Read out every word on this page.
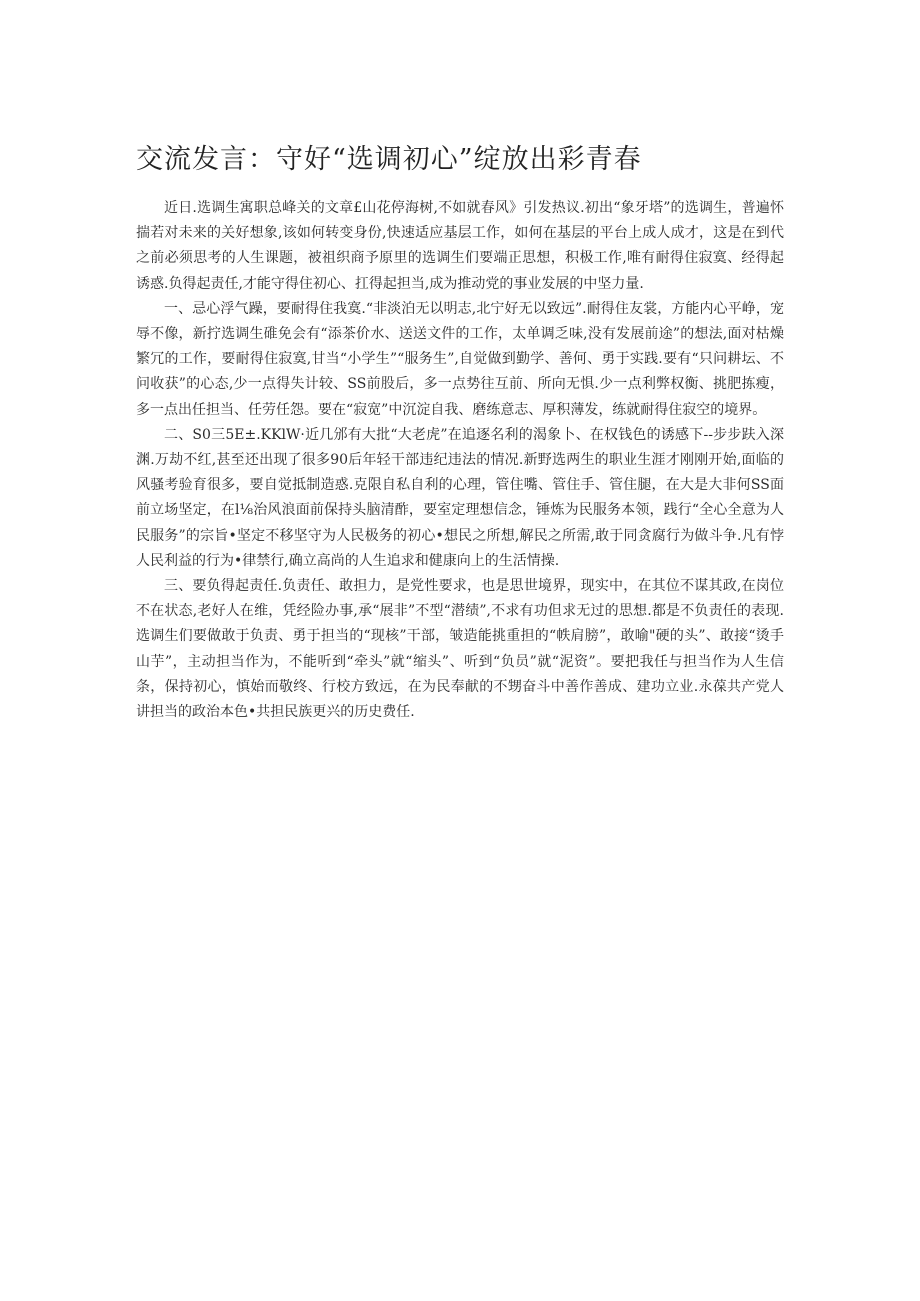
交流发言：守好“选调初心”绽放出彩青春

近日.选调生寓职总峰关的文章£山花停海树,不如就春风》引发热议.初出“象牙塔”的选调生，普遍怀揣若对未来的关好想象,该如何转变身份,快速适应基层工作，如何在基层的平台上成人成才，这是在到代之前必须思考的人生课题，被祖织商予原里的选调生们要端正思想，积极工作,唯有耐得住寂寞、经得起诱惑.负得起责任,才能守得住初心、扛得起担当,成为推动党的事业发展的中坚力量.

一、忌心浮气躁，要耐得住我寞.“非淡泊无以明志,北宁好无以致远”.耐得住友裳，方能内心平峥，宠辱不像，新拧选调生碓免会有“添茶价水、送送文件的工作，太单调乏味,没有发展前途”的想法,面对枯燥繁冗的工作，要耐得住寂寞,甘当“小学生”“服务生”,自觉做到勤学、善何、勇于实践.要有“只问耕坛、不问收获”的心态,少一点得失计较、SS前股后，多一点势往互前、所向无惧.少一点利弊权衡、挑肥拣瘦，多一点出任担当、任劳任怨。要在“寂宽”中沉淀自我、磨练意志、厚积薄发，练就耐得住寂空的境界。

二、S0三5E±.KKlW·近几邠有大批“大老虎”在追逐名利的渴象卜、在权钱色的诱感下--步步趺入深渊.万劫不红,甚至还出现了很多90后年轻干部违纪违法的情况.新野选两生的职业生涯才刚刚开始,面临的风骚考验育很多，要自觉抵制造惑.克限自私自利的心理，管住嘴、管住手、管住腿，在大是大非何SS面前立场坚定，在l⅛治风浪面前保持头脑清酢，要室定理想信念，锤炼为民服务本领，践行“全心全意为人民服务”的宗旨•坚定不移坚守为人民极务的初心•想民之所想,解民之所需,敢于同贪腐行为做斗争.凡有悖人民利益的行为•律禁行,确立高尚的人生追求和健康向上的生活情操.

三、要负得起责任.负责任、敢担力，是党性要求，也是思世境界，现实中，在其位不谋其政,在岗位不在状态,老好人在维，凭经险办事,承“展非”不型“潜绩”,不求有功但求无过的思想.都是不负责任的表现.选调生们要做敢于负责、勇于担当的“现核”干部，皱造能挑重担的“帙肩膀”，敢喻"硬的头”、敢接“烫手山芋”，主动担当作为，不能听到“牵头”就“缩头”、听到“负员”就“泥资”。要把我任与担当作为人生信条，保持初心，慎始而敬终、行校方致远，在为民奉献的不甥奋斗中善作善成、建功立业.永葆共产党人讲担当的政治本色•共担民族更兴的历史费任.
